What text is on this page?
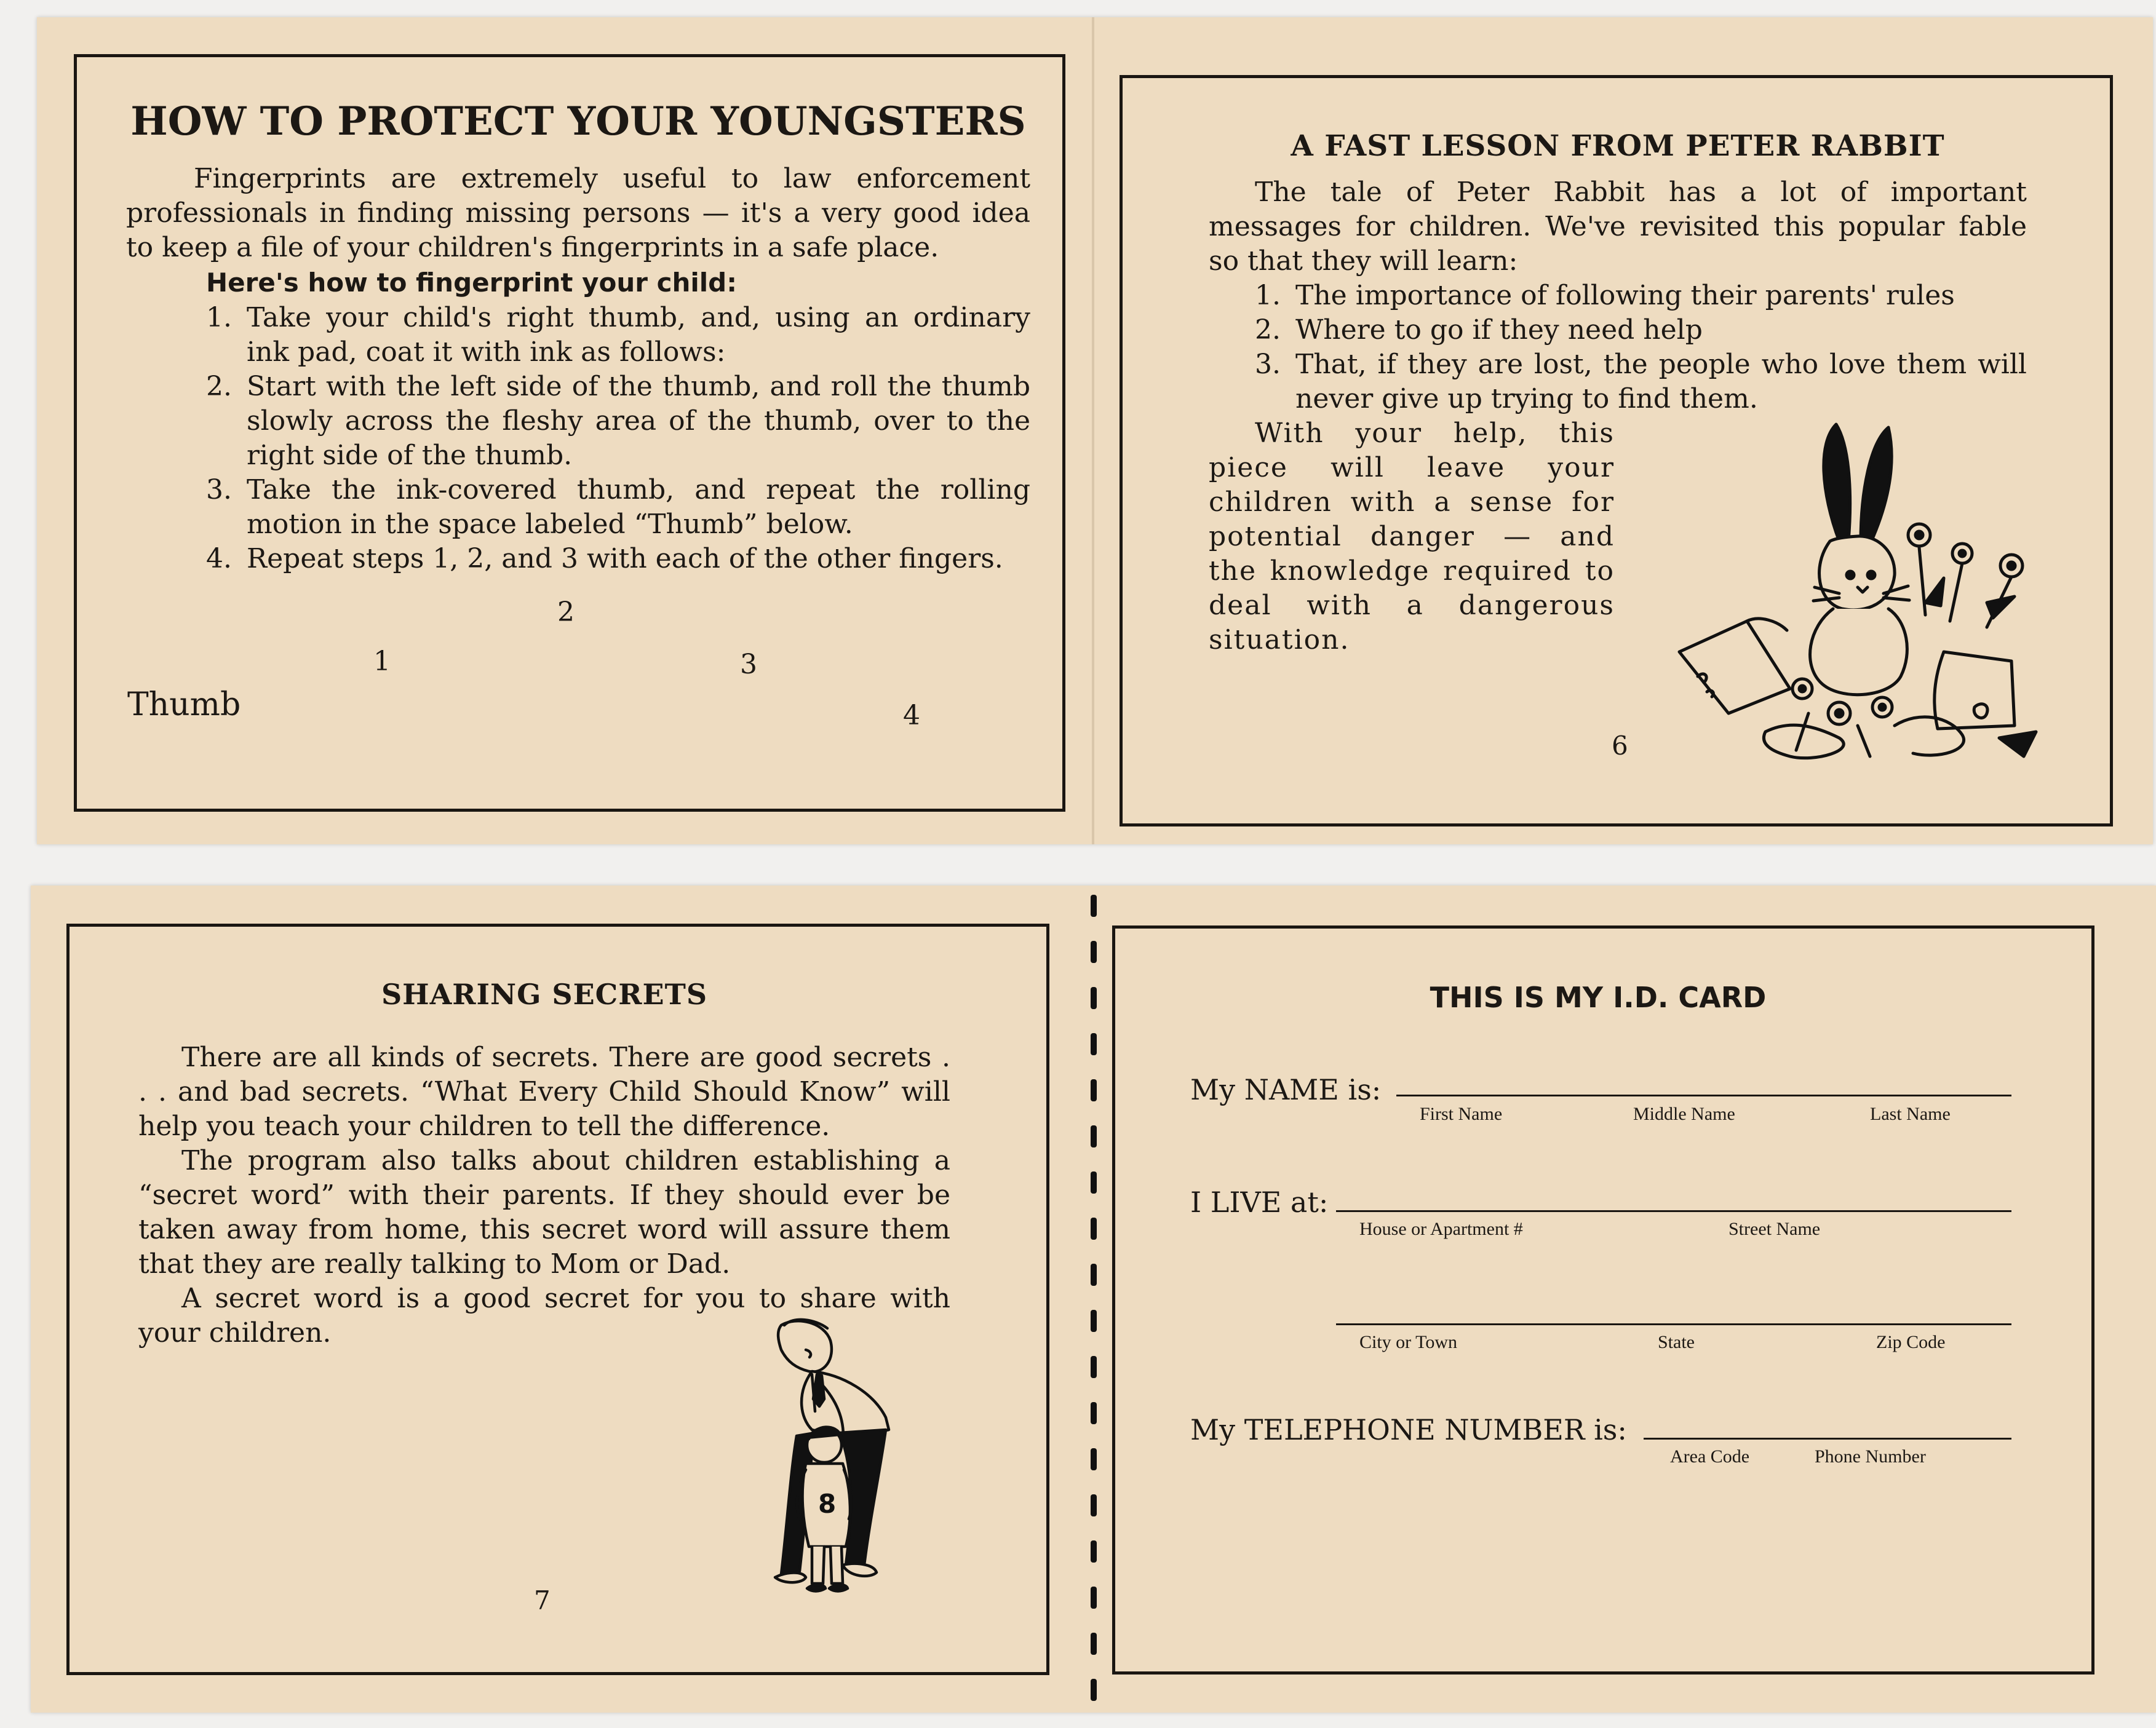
HOW TO PROTECT YOUR YOUNGSTERS

Fingerprints are extremely useful to law enforcement professionals in finding missing persons — it's a very good idea to keep a file of your children's fingerprints in a safe place.

Here's how to fingerprint your child:

1. Take your child's right thumb, and, using an ordinary ink pad, coat it with ink as follows:
2. Start with the left side of the thumb, and roll the thumb slowly across the fleshy area of the thumb, over to the right side of the thumb.
3. Take the ink-covered thumb, and repeat the rolling motion in the space labeled “Thumb” below.
4. Repeat steps 1, 2, and 3 with each of the other fingers.
2
1	3
Thumb	4
A FAST LESSON FROM PETER RABBIT

The tale of Peter Rabbit has a lot of important messages for children. We've revisited this popular fable so that they will learn:

1. The importance of following their parents' rules
2. Where to go if they need help
3. That, if they are lost, the people who love them will never give up trying to find them.

With your help, this piece will leave your children with a sense for potential danger — and the knowledge required to deal with a dangerous situation.

6
SHARING SECRETS

There are all kinds of secrets. There are good secrets . . . and bad secrets. “What Every Child Should Know” will help you teach your children to tell the difference.

The program also talks about children establishing a “secret word” with their parents. If they should ever be taken away from home, this secret word will assure them that they are really talking to Mom or Dad.

A secret word is a good secret for you to share with your children.

8
7
THIS IS MY I.D. CARD
My NAME is:
First Name	Middle Name	Last Name
I LIVE at:
House or Apartment #	Street Name
City or Town	State	Zip Code
My TELEPHONE NUMBER is:
Area Code	Phone Number
